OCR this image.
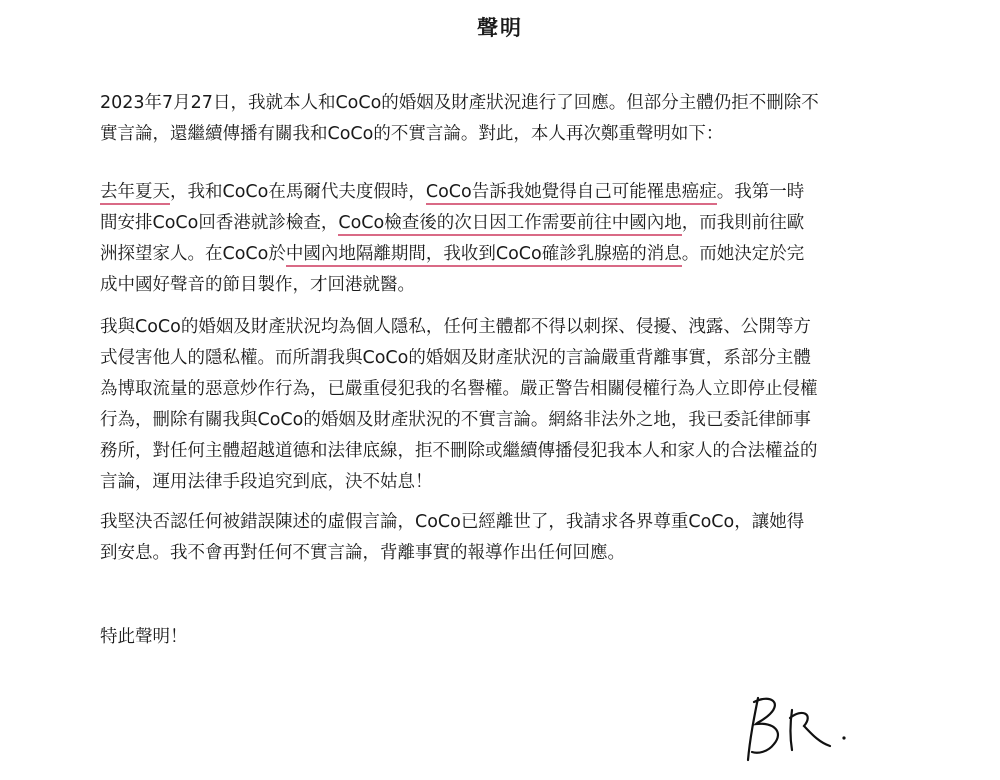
聲明
2023年7月27日，我就本人和CoCo的婚姻及財產狀況進行了回應。但部分主體仍拒不刪除不
實言論，還繼續傳播有關我和CoCo的不實言論。對此，本人再次鄭重聲明如下：
去年夏天，我和CoCo在馬爾代夫度假時，CoCo告訴我她覺得自己可能罹患癌症。我第一時
間安排CoCo回香港就診檢查，CoCo檢查後的次日因工作需要前往中國內地，而我則前往歐
洲探望家人。在CoCo於中國內地隔離期間，我收到CoCo確診乳腺癌的消息。而她決定於完
成中國好聲音的節目製作，才回港就醫。
我與CoCo的婚姻及財產狀況均為個人隱私，任何主體都不得以刺探、侵擾、洩露、公開等方
式侵害他人的隱私權。而所謂我與CoCo的婚姻及財產狀況的言論嚴重背離事實，系部分主體
為博取流量的惡意炒作行為，已嚴重侵犯我的名譽權。嚴正警告相關侵權行為人立即停止侵權
行為，刪除有關我與CoCo的婚姻及財產狀況的不實言論。網絡非法外之地，我已委託律師事
務所，對任何主體超越道德和法律底線，拒不刪除或繼續傳播侵犯我本人和家人的合法權益的
言論，運用法律手段追究到底，決不姑息！
我堅決否認任何被錯誤陳述的虛假言論，CoCo已經離世了，我請求各界尊重CoCo，讓她得
到安息。我不會再對任何不實言論，背離事實的報導作出任何回應。
特此聲明！
